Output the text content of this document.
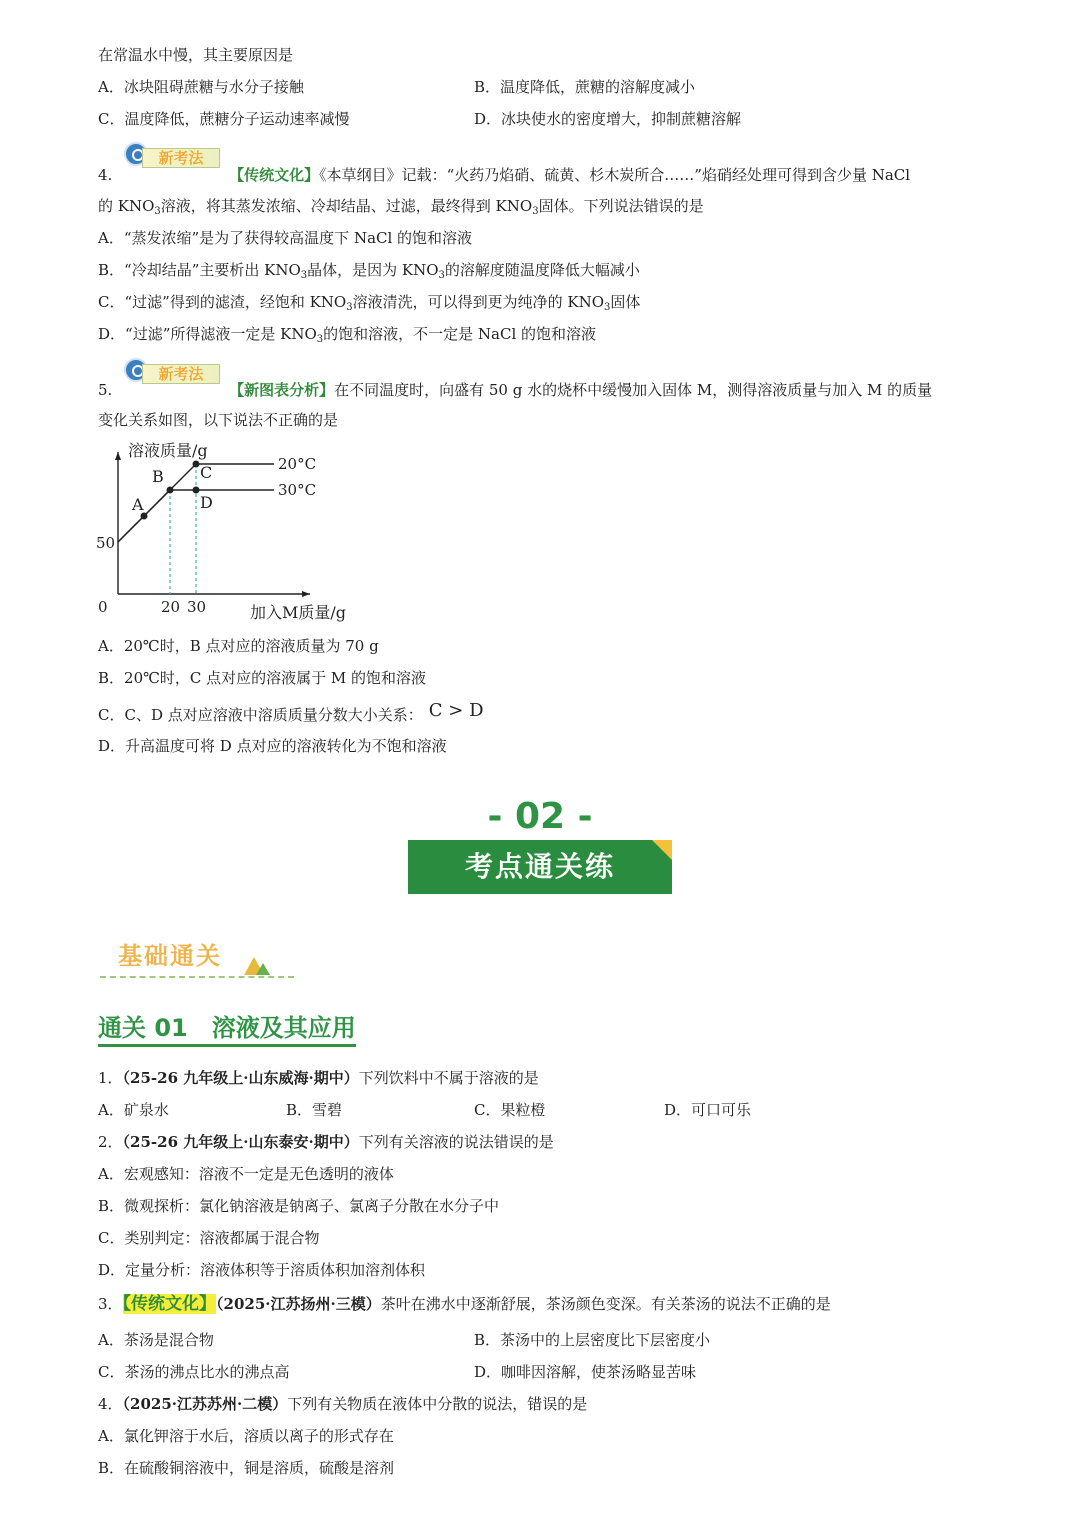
在常温水中慢，其主要原因是
A．冰块阻碍蔗糖与水分子接触	B．温度降低，蔗糖的溶解度减小
C．温度降低，蔗糖分子运动速率减慢	D．冰块使水的密度增大，抑制蔗糖溶解
新考法
4.	【传统文化】《本草纲目》记载：“火药乃焰硝、硫黄、杉木炭所合……”焰硝经处理可得到含少量 NaCl
的 $KNO_3$溶液，将其蒸发浓缩、冷却结晶、过滤，最终得到 $KNO_3$固体。下列说法错误的是
A．“蒸发浓缩”是为了获得较高温度下 NaCl 的饱和溶液
B．“冷却结晶”主要析出 $KNO_3$晶体，是因为 $KNO_3$的溶解度随温度降低大幅减小
C．“过滤”得到的滤渣，经饱和 $KNO_3$溶液清洗，可以得到更为纯净的 $KNO_3$固体
D．“过滤”所得滤液一定是 $KNO_3$的饱和溶液，不一定是 NaCl 的饱和溶液
新考法
5.	【新图表分析】在不同温度时，向盛有 50 g 水的烧杯中缓慢加入固体 M，测得溶液质量与加入 M 的质量
变化关系如图，以下说法不正确的是
溶液质量/g
加入M质量/g
50
0	20 30
20°C
30°C
A
B C
D
A．20℃时，B 点对应的溶液质量为 70 g
B．20℃时，C 点对应的溶液属于 M 的饱和溶液
C．C、D 点对应溶液中溶质质量分数大小关系： C > D
D．升高温度可将 D 点对应的溶液转化为不饱和溶液
- 02 -
考点通关练
基础通关
通关 01　溶液及其应用
1．（25-26 九年级上·山东威海·期中）下列饮料中不属于溶液的是
A．矿泉水	B．雪碧	C．果粒橙	D．可口可乐
2．（25-26 九年级上·山东泰安·期中）下列有关溶液的说法错误的是
A．宏观感知：溶液不一定是无色透明的液体
B．微观探析：氯化钠溶液是钠离子、氯离子分散在水分子中
C．类别判定：溶液都属于混合物
D．定量分析：溶液体积等于溶质体积加溶剂体积
3．【传统文化】（2025·江苏扬州·三模）茶叶在沸水中逐渐舒展，茶汤颜色变深。有关茶汤的说法不正确的是
A．茶汤是混合物	B．茶汤中的上层密度比下层密度小
C．茶汤的沸点比水的沸点高	D．咖啡因溶解，使茶汤略显苦味
4．（2025·江苏苏州·二模）下列有关物质在液体中分散的说法，错误的是
A．氯化钾溶于水后，溶质以离子的形式存在
B．在硫酸铜溶液中，铜是溶质，硫酸是溶剂
